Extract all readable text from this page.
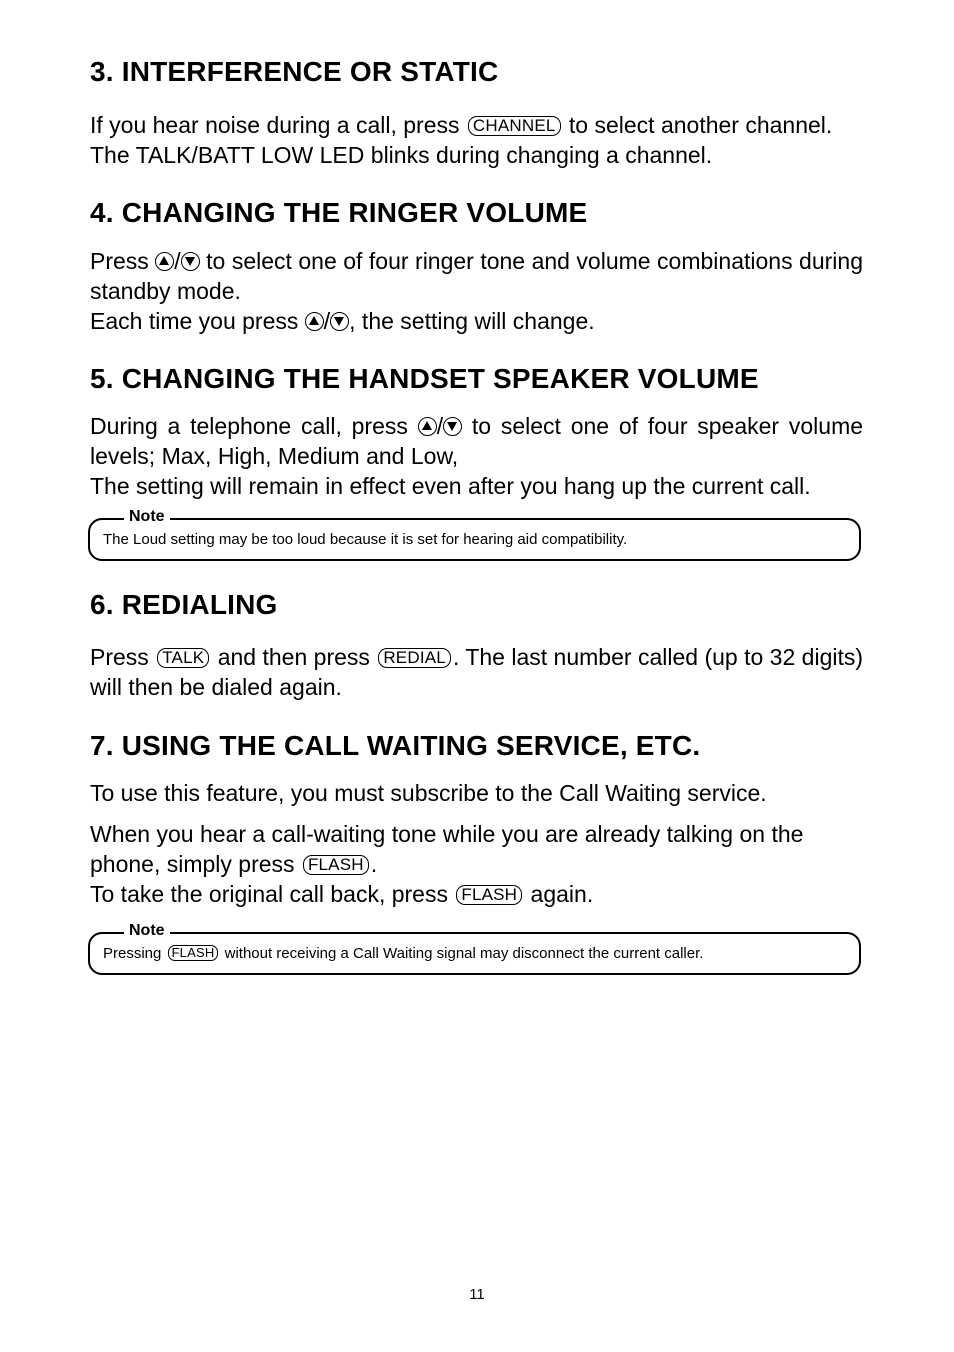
3. INTERFERENCE OR STATIC

If you hear noise during a call, press CHANNEL to select another channel.
The TALK/BATT LOW LED blinks during changing a channel.

4. CHANGING THE RINGER VOLUME

Press / to select one of four ringer tone and volume combinations during standby mode.

Each time you press / , the setting will change.

5. CHANGING THE HANDSET SPEAKER VOLUME

During a telephone call, press / to select one of four speaker volume levels; Max, High, Medium and Low,
The setting will remain in effect even after you hang up the current call.

Note
The Loud setting may be too loud because it is set for hearing aid compatibility.
6. REDIALING

Press TALK and then press REDIAL . The last number called (up to 32 digits) will then be dialed again.

7. USING THE CALL WAITING SERVICE, ETC.

To use this feature, you must subscribe to the Call Waiting service.

When you hear a call-waiting tone while you are already talking on the phone, simply press FLASH .
To take the original call back, press FLASH again.

Note
Pressing FLASH without receiving a Call Waiting signal may disconnect the current caller.
11
